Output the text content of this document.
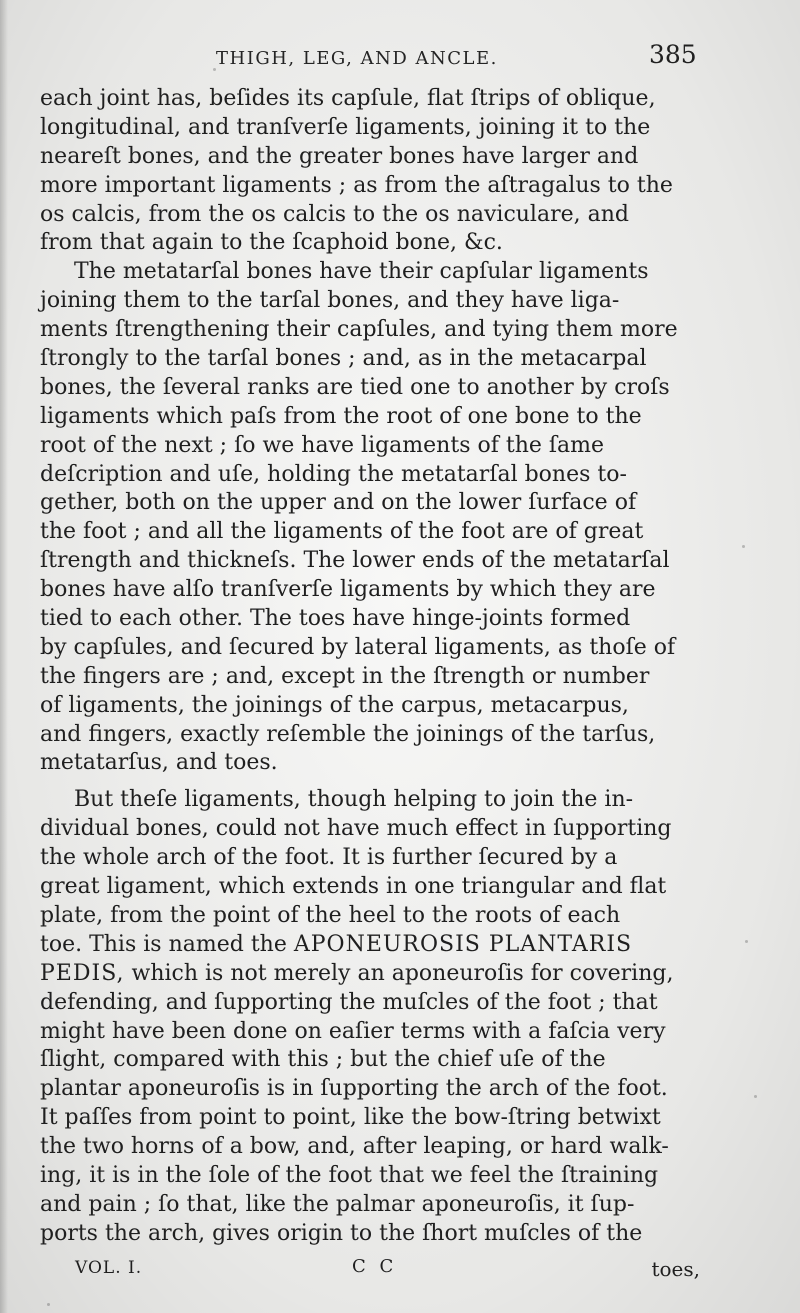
THIGH, LEG, AND ANCLE.	385
each joint has, beſides its capſule, flat ſtrips of oblique,
longitudinal, and tranſverſe ligaments, joining it to the
neareſt bones, and the greater bones have larger and
more important ligaments ; as from the aſtragalus to the
os calcis, from the os calcis to the os naviculare, and
from that again to the ſcaphoid bone, &c.
The metatarſal bones have their capſular ligaments
joining them to the tarſal bones, and they have liga-
ments ſtrengthening their capſules, and tying them more
ſtrongly to the tarſal bones ; and, as in the metacarpal
bones, the ſeveral ranks are tied one to another by croſs
ligaments which paſs from the root of one bone to the
root of the next ; ſo we have ligaments of the ſame
deſcription and uſe, holding the metatarſal bones to-
gether, both on the upper and on the lower ſurface of
the foot ; and all the ligaments of the foot are of great
ſtrength and thickneſs. The lower ends of the metatarſal
bones have alſo tranſverſe ligaments by which they are
tied to each other. The toes have hinge-joints formed
by capſules, and ſecured by lateral ligaments, as thoſe of
the fingers are ; and, except in the ſtrength or number
of ligaments, the joinings of the carpus, metacarpus,
and fingers, exactly reſemble the joinings of the tarſus,
metatarſus, and toes.
But theſe ligaments, though helping to join the in-
dividual bones, could not have much effect in ſupporting
the whole arch of the foot. It is further ſecured by a
great ligament, which extends in one triangular and flat
plate, from the point of the heel to the roots of each
toe. This is named the APONEUROSIS PLANTARIS
PEDIS, which is not merely an aponeuroſis for covering,
defending, and ſupporting the muſcles of the foot ; that
might have been done on eaſier terms with a faſcia very
ſlight, compared with this ; but the chief uſe of the
plantar aponeuroſis is in ſupporting the arch of the foot.
It paſſes from point to point, like the bow-ſtring betwixt
the two horns of a bow, and, after leaping, or hard walk-
ing, it is in the ſole of the foot that we feel the ſtraining
and pain ; ſo that, like the palmar aponeuroſis, it ſup-
ports the arch, gives origin to the ſhort muſcles of the
VOL. I.	C C	toes,
